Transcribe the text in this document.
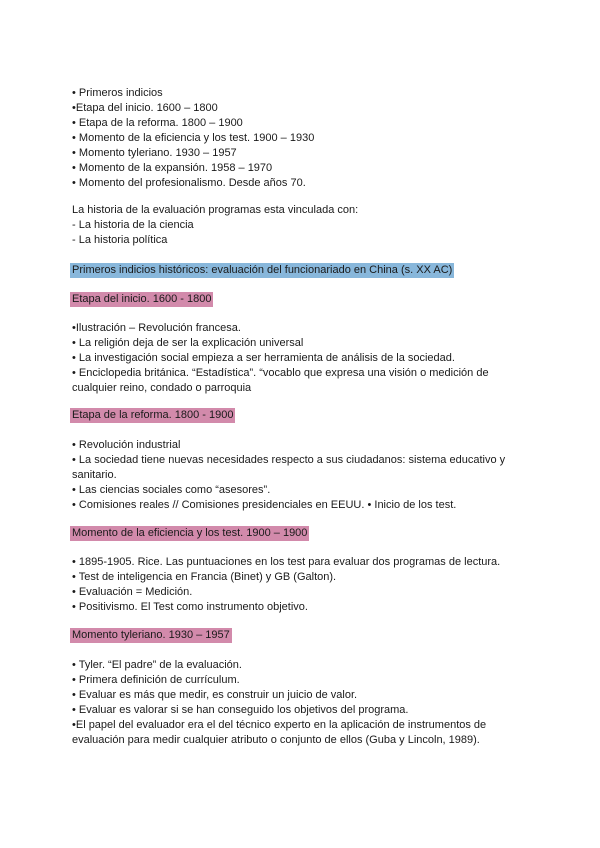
• Primeros indicios
•Etapa del inicio. 1600 – 1800
• Etapa de la reforma. 1800 – 1900
• Momento de la eficiencia y los test. 1900 – 1930
• Momento tyleriano. 1930 – 1957
• Momento de la expansión. 1958 – 1970
• Momento del profesionalismo. Desde años 70.
La historia de la evaluación programas esta vinculada con:
- La historia de la ciencia
- La historia política
Primeros indicios históricos: evaluación del funcionariado en China (s. XX AC)
Etapa del inicio. 1600 - 1800
•Ilustración – Revolución francesa.
• La religión deja de ser la explicación universal
• La investigación social empieza a ser herramienta de análisis de la sociedad.
• Enciclopedia británica. “Estadística”. “vocablo que expresa una visión o medición de cualquier reino, condado o parroquia
Etapa de la reforma. 1800 - 1900
• Revolución industrial
• La sociedad tiene nuevas necesidades respecto a sus ciudadanos: sistema educativo y sanitario.
• Las ciencias sociales como “asesores”.
• Comisiones reales // Comisiones presidenciales en EEUU. • Inicio de los test.
Momento de la eficiencia y los test. 1900 – 1900
• 1895-1905. Rice. Las puntuaciones en los test para evaluar dos programas de lectura.
• Test de inteligencia en Francia (Binet) y GB (Galton).
• Evaluación = Medición.
• Positivismo. El Test como instrumento objetivo.
Momento tyleriano. 1930 – 1957
• Tyler. “El padre” de la evaluación.
• Primera definición de currículum.
• Evaluar es más que medir, es construir un juicio de valor.
• Evaluar es valorar si se han conseguido los objetivos del programa.
•El papel del evaluador era el del técnico experto en la aplicación de instrumentos de evaluación para medir cualquier atributo o conjunto de ellos (Guba y Lincoln, 1989).
